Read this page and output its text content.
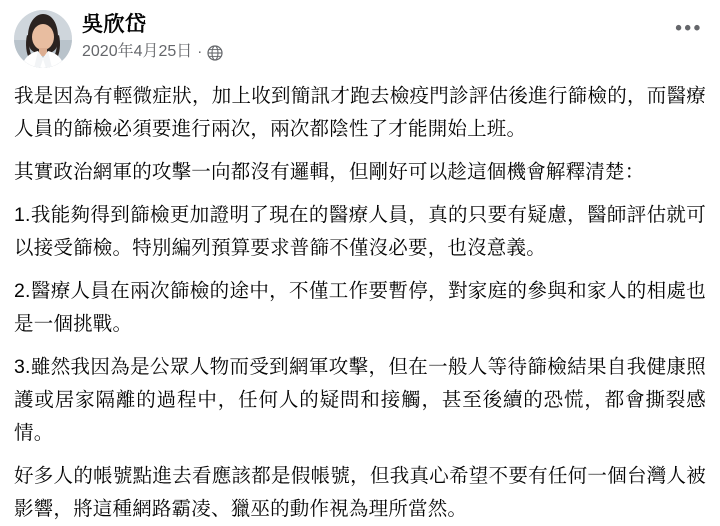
吳欣岱
2020年4月25日 ·
•••

我是因為有輕微症狀，加上收到簡訊才跑去檢疫門診評估後進行篩檢的，而醫療人員的篩檢必須要進行兩次，兩次都陰性了才能開始上班。

其實政治網軍的攻擊一向都沒有邏輯，但剛好可以趁這個機會解釋清楚：

1.我能夠得到篩檢更加證明了現在的醫療人員，真的只要有疑慮，醫師評估就可以接受篩檢。特別編列預算要求普篩不僅沒必要，也沒意義。

2.醫療人員在兩次篩檢的途中，不僅工作要暫停，對家庭的參與和家人的相處也是一個挑戰。

3.雖然我因為是公眾人物而受到網軍攻擊，但在一般人等待篩檢結果自我健康照護或居家隔離的過程中，任何人的疑問和接觸，甚至後續的恐慌，都會撕裂感情。

好多人的帳號點進去看應該都是假帳號，但我真心希望不要有任何一個台灣人被影響，將這種網路霸凌、獵巫的動作視為理所當然。
